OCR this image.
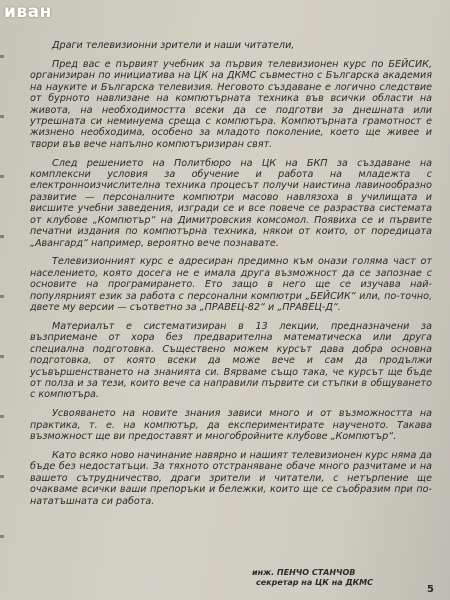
иван

Драги телевизионни зрители и наши читатели,

Пред вас е първият учебник за първия телевизионен курс по БЕЙСИК, организиран по инициатива на ЦК на ДКМС съвместно с Българска академия на науките и Българска телевизия. Неговото създаване е логично следствие от бурното навлизане на компютърната техника във всички области на живота, на необходимостта всеки да се подготви за днешната или утрешната си неминуема среща с компютъра. Компютърната грамотност е жизнено необходима, особено за младото поколение, което ще живее и твори във вече напълно компютъризиран свят.

След решението на Политбюро на ЦК на БКП за създаване на комплексни условия за обучение и работа на младежта с електронноизчислителна техника процесът получи наистина лавинообразно развитие — персоналните компютри масово навлязоха в училищата и висшите учебни заведения, изгради се и все повече се разраства системата от клубове „Компютър“ на Димитровския комсомол. Появиха се и първите печатни издания по компютърна техника, някои от които, от поредицата „Авангард“ например, вероятно вече познавате.

Телевизионният курс е адресиран предимно към онази голяма част от населението, която досега не е имала друга възможност да се запознае с основите на програмирането. Ето защо в него ще се изучава най-популярният език за работа с персонални компютри „БЕЙСИК“ или, по-точно, двете му версии — съответно за „ПРАВЕЦ-82“ и „ПРАВЕЦ-Д“.

Материалът е систематизиран в 13 лекции, предназначени за възприемане от хора без предварителна математическа или друга специална подготовка. Съществено можем курсът дава добра основна подготовка, от която всеки да може вече и сам да продължи усъвършенстването на знанията си. Вярваме също така, че курсът ще бъде от полза и за тези, които вече са направили първите си стъпки в общуването с компютъра.

Усвояването на новите знания зависи много и от възможността на практика, т. е. на компютър, да експериментирате наученото. Такава възможност ще ви предоставят и многобройните клубове „Компютър“.

Като всяко ново начинание навярно и нашият телевизионен курс няма да бъде без недостатъци. За тяхното отстраняване обаче много разчитаме и на вашето сътрудничество, драги зрители и читатели, с нетърпение ще очакваме всички ваши препоръки и бележки, които ще се съобразим при по-нататъшната си работа.

инж. ПЕНЧО СТАНЧОВ
секретар на ЦК на ДКМС
5
